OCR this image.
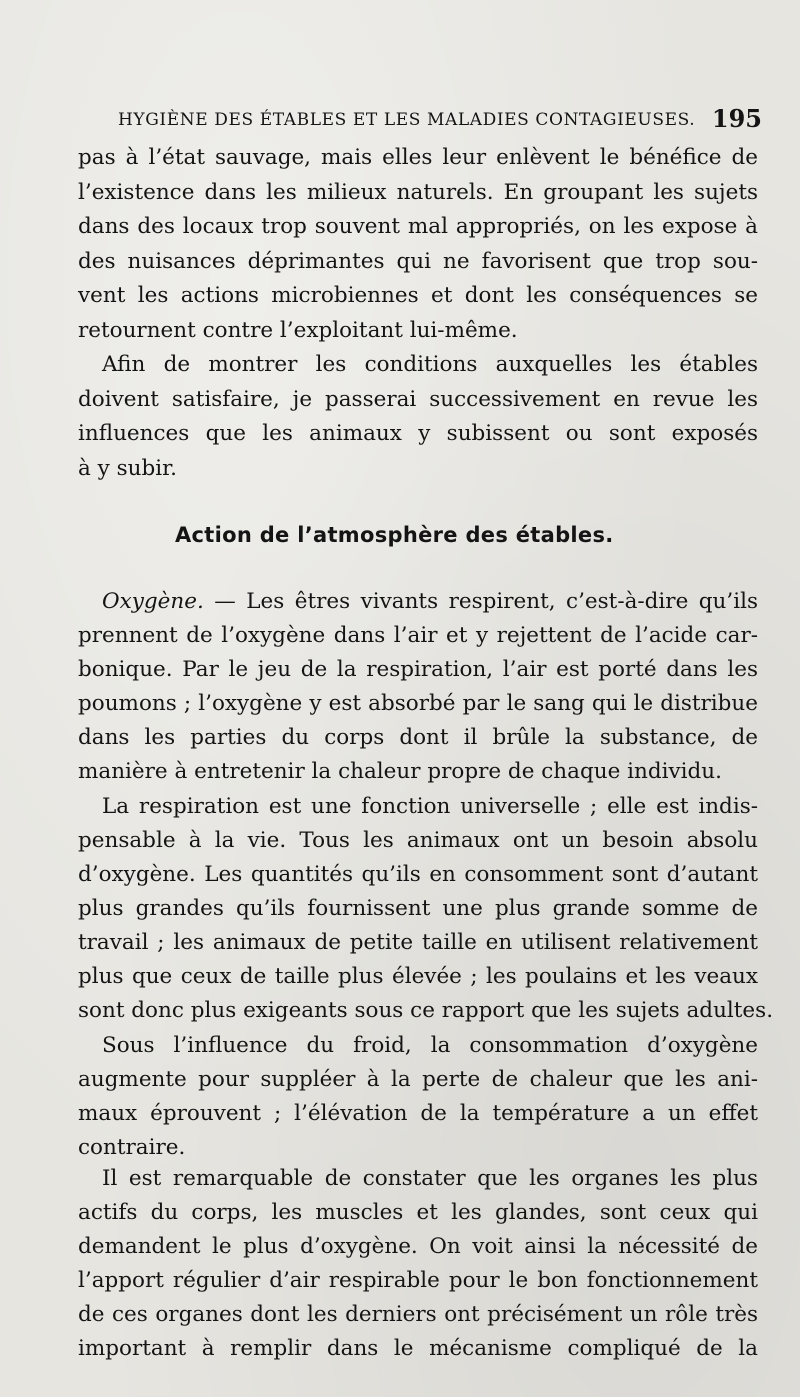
HYGIÈNE DES ÉTABLES ET LES MALADIES CONTAGIEUSES. 195
pas à l’état sauvage, mais elles leur enlèvent le bénéfice de
l’existence dans les milieux naturels. En groupant les sujets
dans des locaux trop souvent mal appropriés, on les expose à
des nuisances déprimantes qui ne favorisent que trop sou-
vent les actions microbiennes et dont les conséquences se
retournent contre l’exploitant lui-même.
Afin de montrer les conditions auxquelles les étables
doivent satisfaire, je passerai successivement en revue les
influences que les animaux y subissent ou sont exposés
à y subir.
Action de l’atmosphère des étables.
Oxygène. — Les êtres vivants respirent, c’est-à-dire qu’ils
prennent de l’oxygène dans l’air et y rejettent de l’acide car-
bonique. Par le jeu de la respiration, l’air est porté dans les
poumons ; l’oxygène y est absorbé par le sang qui le distribue
dans les parties du corps dont il brûle la substance, de
manière à entretenir la chaleur propre de chaque individu.
La respiration est une fonction universelle ; elle est indis-
pensable à la vie. Tous les animaux ont un besoin absolu
d’oxygène. Les quantités qu’ils en consomment sont d’autant
plus grandes qu’ils fournissent une plus grande somme de
travail ; les animaux de petite taille en utilisent relativement
plus que ceux de taille plus élevée ; les poulains et les veaux
sont donc plus exigeants sous ce rapport que les sujets adultes.
Sous l’influence du froid, la consommation d’oxygène
augmente pour suppléer à la perte de chaleur que les ani-
maux éprouvent ; l’élévation de la température a un effet
contraire.
Il est remarquable de constater que les organes les plus
actifs du corps, les muscles et les glandes, sont ceux qui
demandent le plus d’oxygène. On voit ainsi la nécessité de
l’apport régulier d’air respirable pour le bon fonctionnement
de ces organes dont les derniers ont précisément un rôle très
important à remplir dans le mécanisme compliqué de la
